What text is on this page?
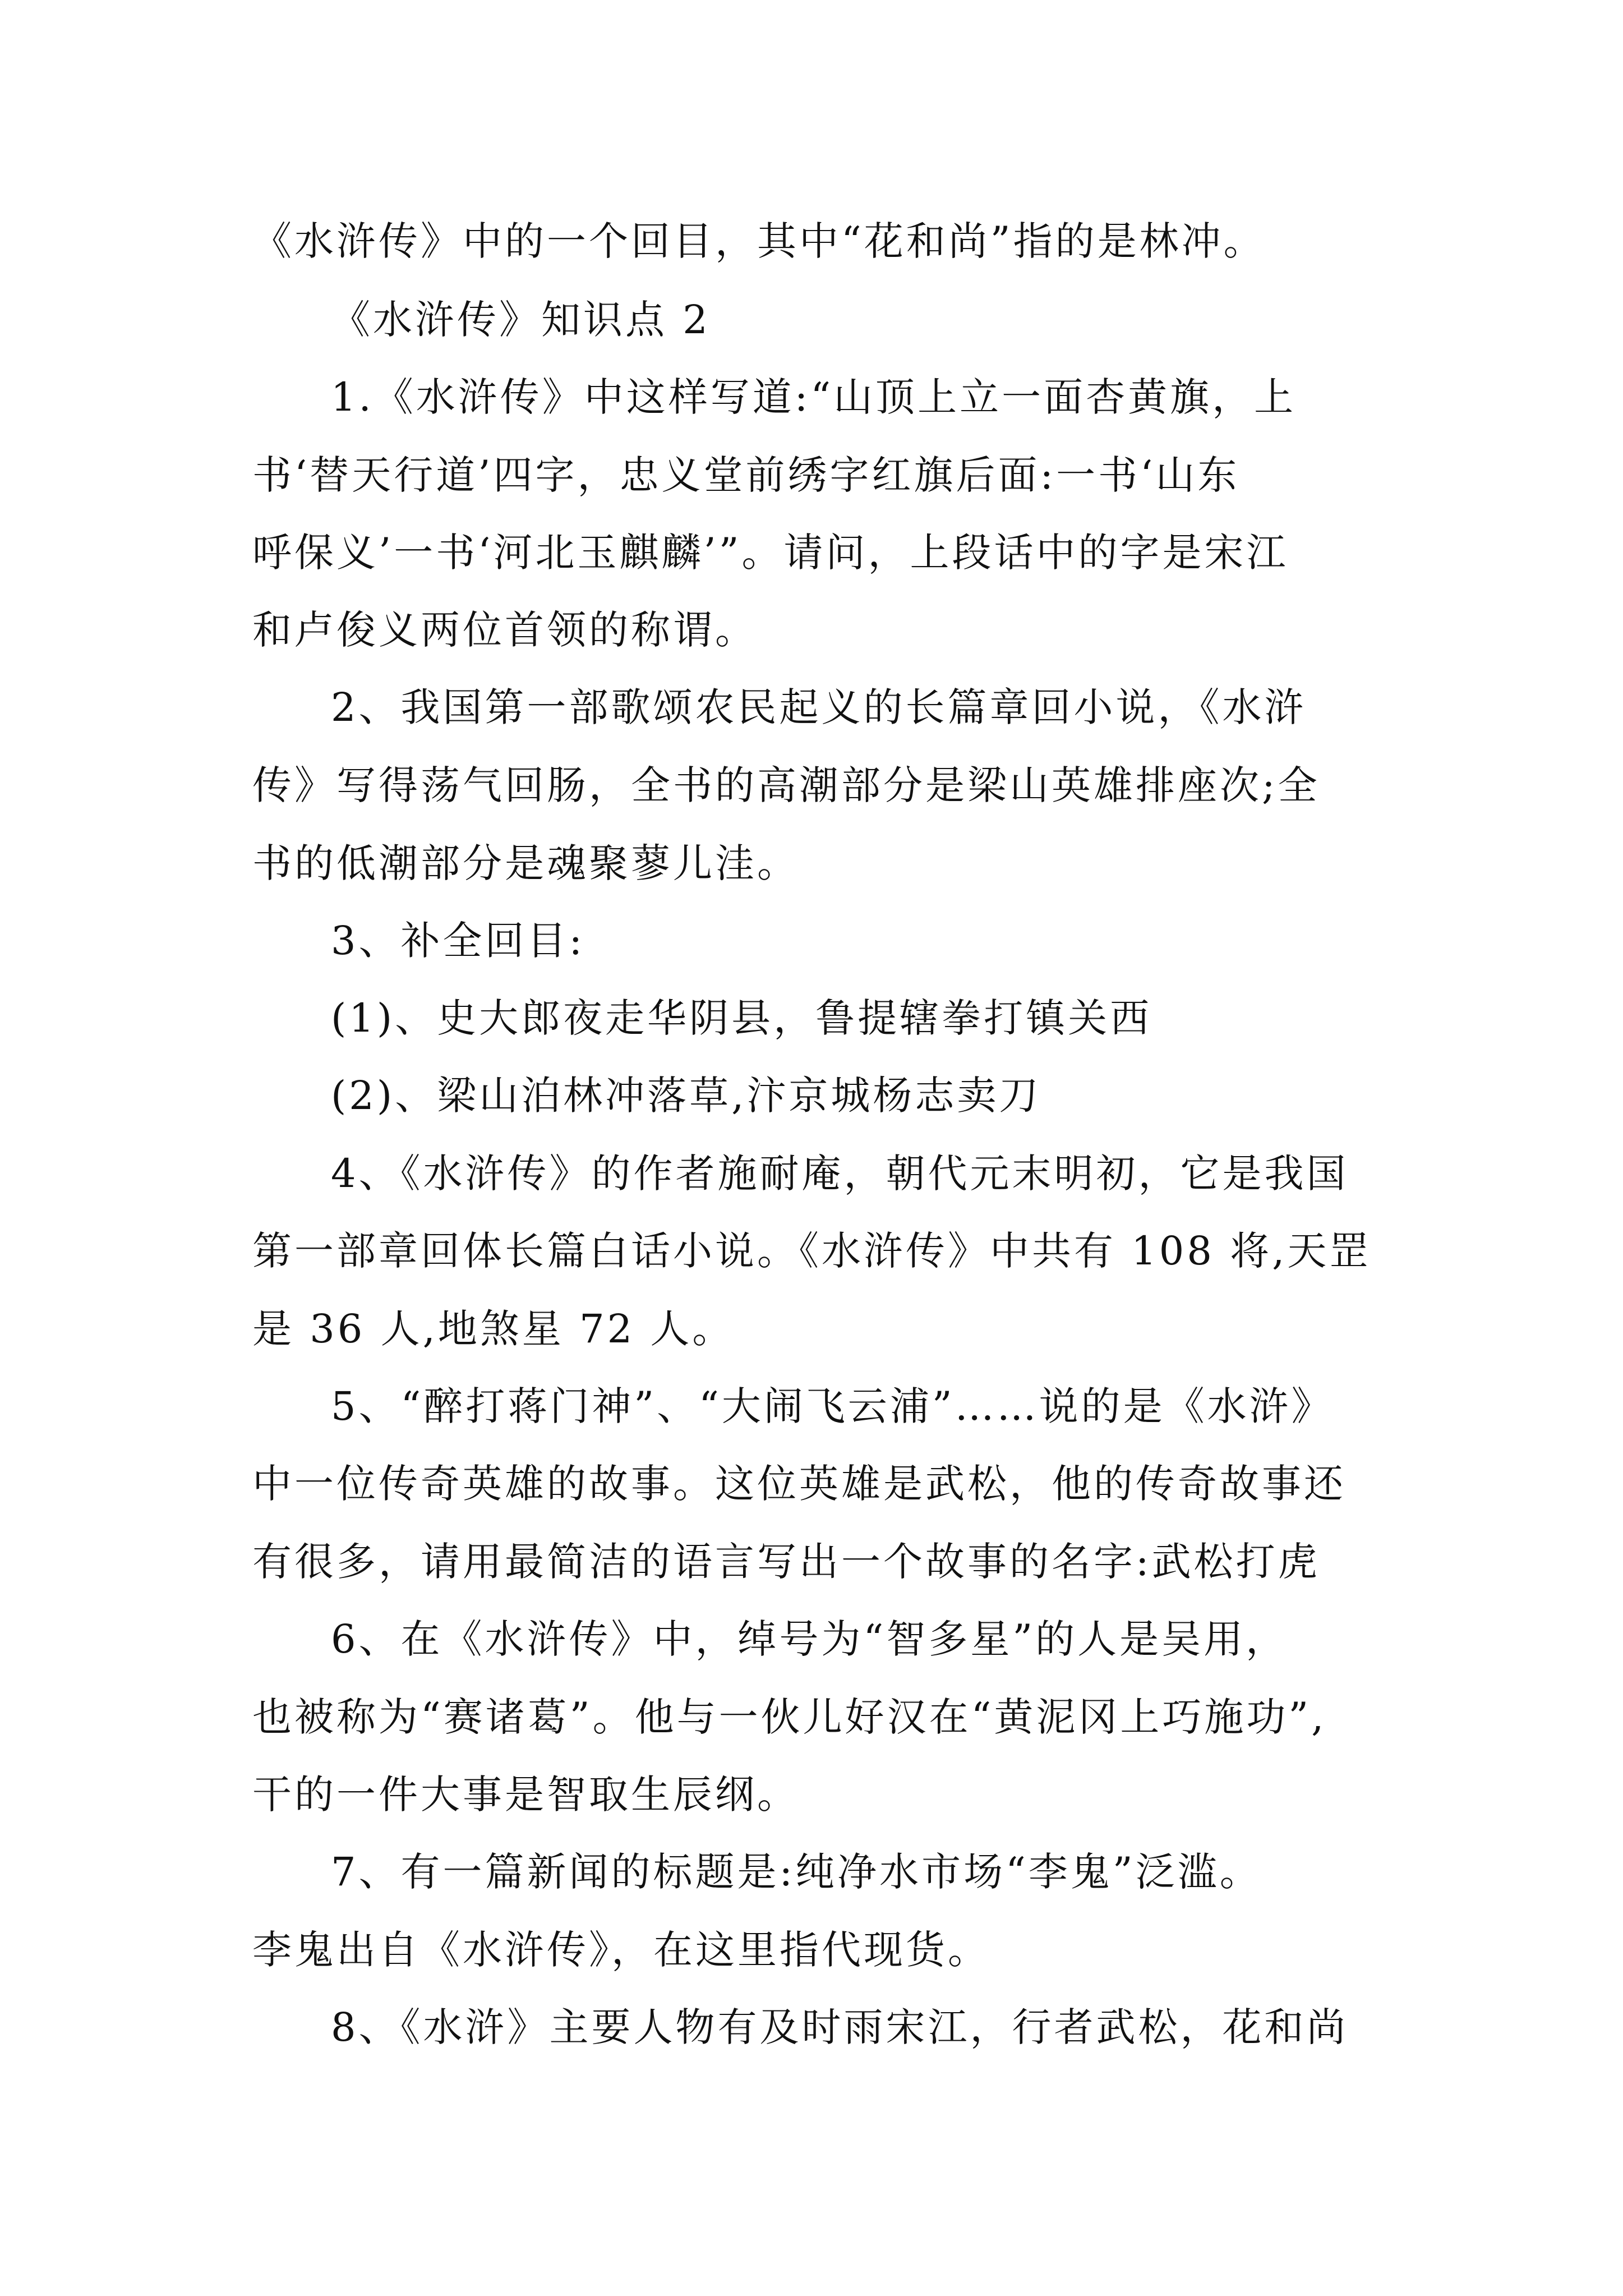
《水浒传》中的一个回目，其中“花和尚”指的是林冲。
《水浒传》知识点 2
1.《水浒传》中这样写道:“山顶上立一面杏黄旗，上
书‘替天行道’四字，忠义堂前绣字红旗后面:一书‘山东
呼保义’一书‘河北玉麒麟’”。请问，上段话中的字是宋江
和卢俊义两位首领的称谓。
2、我国第一部歌颂农民起义的长篇章回小说，《水浒
传》写得荡气回肠，全书的高潮部分是梁山英雄排座次;全
书的低潮部分是魂聚蓼儿洼。
3、补全回目:
(1)、史大郎夜走华阴县，鲁提辖拳打镇关西
(2)、梁山泊林冲落草,汴京城杨志卖刀
4、《水浒传》的作者施耐庵，朝代元末明初，它是我国
第一部章回体长篇白话小说。《水浒传》中共有 108 将,天罡
是 36 人,地煞星 72 人。
5、“醉打蒋门神”、“大闹飞云浦”……说的是《水浒》
中一位传奇英雄的故事。这位英雄是武松，他的传奇故事还
有很多，请用最简洁的语言写出一个故事的名字:武松打虎
6、在《水浒传》中，绰号为“智多星”的人是吴用，
也被称为“赛诸葛”。他与一伙儿好汉在“黄泥冈上巧施功”,
干的一件大事是智取生辰纲。
7、有一篇新闻的标题是:纯净水市场“李鬼”泛滥。
李鬼出自《水浒传》，在这里指代现货。
8、《水浒》主要人物有及时雨宋江，行者武松，花和尚
